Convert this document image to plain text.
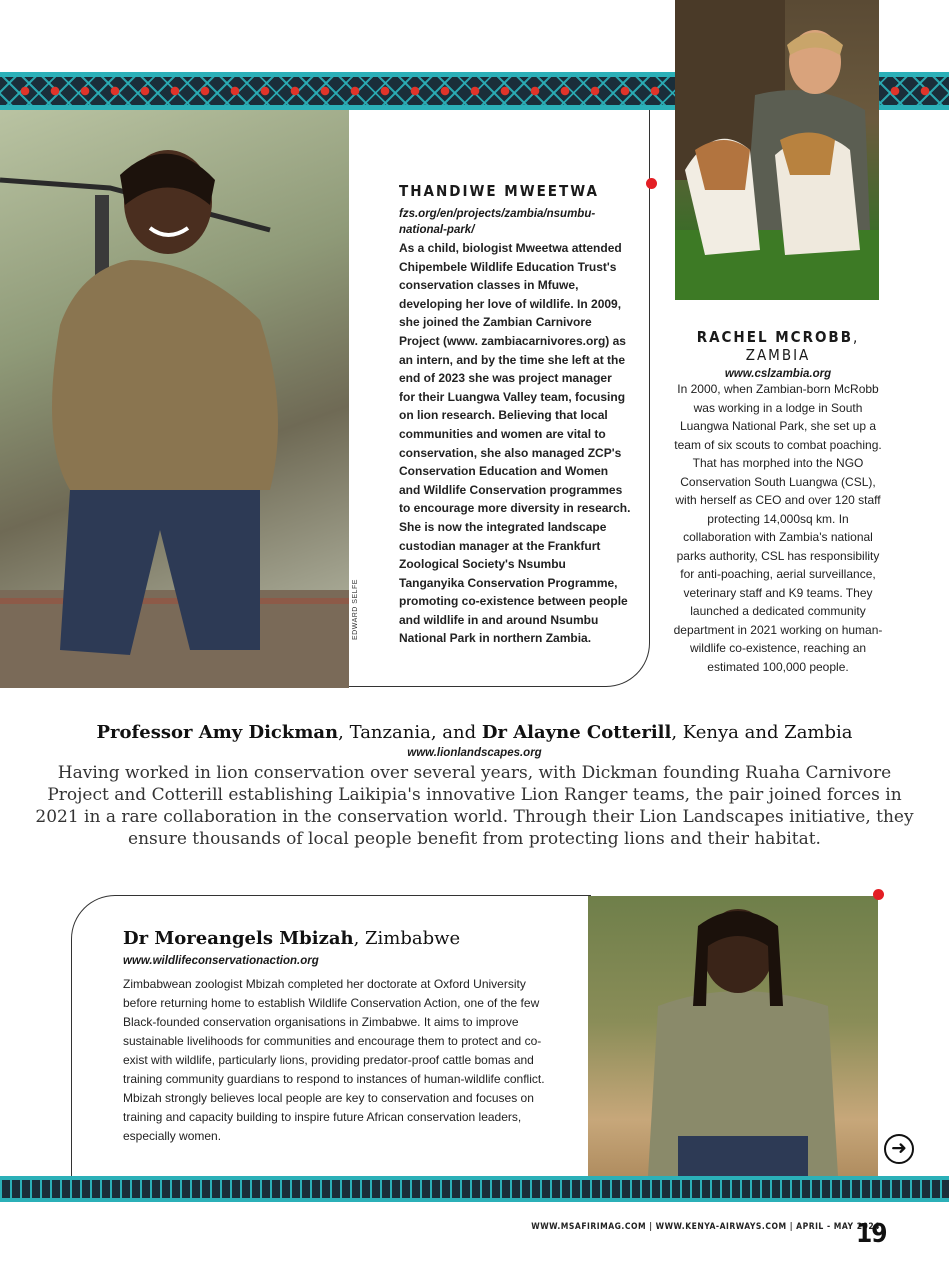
EDWARD SELFE
THANDIWE MWEETWA
fzs.org/en/projects/zambia/nsumbu-national-park/
As a child, biologist Mweetwa attended Chipembele Wildlife Education Trust's conservation classes in Mfuwe, developing her love of wildlife. In 2009, she joined the Zambian Carnivore Project (www. zambiacarnivores.org) as an intern, and by the time she left at the end of 2023 she was project manager for their Luangwa Valley team, focusing on lion research. Believing that local communities and women are vital to conservation, she also managed ZCP's Conservation Education and Women and Wildlife Conservation programmes to encourage more diversity in research. She is now the integrated landscape custodian manager at the Frankfurt Zoological Society's Nsumbu Tanganyika Conservation Programme, promoting co-existence between people and wildlife in and around Nsumbu National Park in northern Zambia.
RACHEL MCROBB, ZAMBIA
www.cslzambia.org
In 2000, when Zambian-born McRobb was working in a lodge in South Luangwa National Park, she set up a team of six scouts to combat poaching. That has morphed into the NGO Conservation South Luangwa (CSL), with herself as CEO and over 120 staff protecting 14,000sq km. In collaboration with Zambia's national parks authority, CSL has responsibility for anti-poaching, aerial surveillance, veterinary staff and K9 teams. They launched a dedicated community department in 2021 working on human-wildlife co-existence, reaching an estimated 100,000 people.
Professor Amy Dickman, Tanzania, and Dr Alayne Cotterill, Kenya and Zambia
www.lionlandscapes.org
Having worked in lion conservation over several years, with Dickman founding Ruaha Carnivore Project and Cotterill establishing Laikipia's innovative Lion Ranger teams, the pair joined forces in 2021 in a rare collaboration in the conservation world. Through their Lion Landscapes initiative, they ensure thousands of local people benefit from protecting lions and their habitat.
Dr Moreangels Mbizah, Zimbabwe
www.wildlifeconservationaction.org
Zimbabwean zoologist Mbizah completed her doctorate at Oxford University before returning home to establish Wildlife Conservation Action, one of the few Black-founded conservation organisations in Zimbabwe. It aims to improve sustainable livelihoods for communities and encourage them to protect and co-exist with wildlife, particularly lions, providing predator-proof cattle bomas and training community guardians to respond to instances of human-wildlife conflict. Mbizah strongly believes local people are key to conservation and focuses on training and capacity building to inspire future African conservation leaders, especially women.
➜
WWW.MSAFIRIMAG.COM | WWW.KENYA-AIRWAYS.COM | APRIL - MAY 2024
19
